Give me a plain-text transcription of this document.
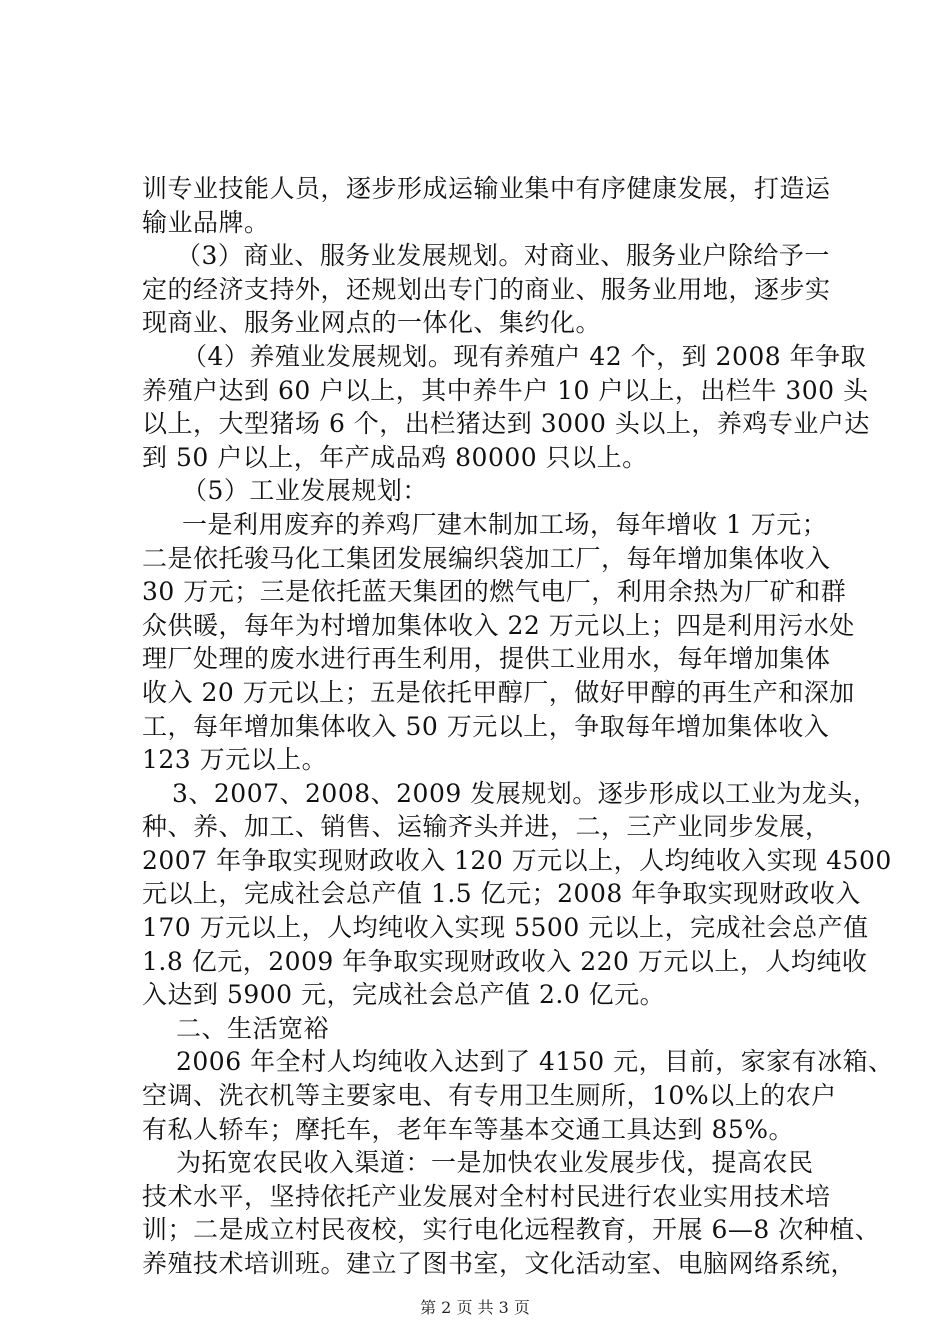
训专业技能人员，逐步形成运输业集中有序健康发展，打造运
输业品牌。
（3）商业、服务业发展规划。对商业、服务业户除给予一
定的经济支持外，还规划出专门的商业、服务业用地，逐步实
现商业、服务业网点的一体化、集约化。
（4）养殖业发展规划。现有养殖户 42 个，到 2008 年争取
养殖户达到 60 户以上，其中养牛户 10 户以上，出栏牛 300 头
以上，大型猪场 6 个，出栏猪达到 3000 头以上，养鸡专业户达
到 50 户以上，年产成品鸡 80000 只以上。
（5）工业发展规划：
一是利用废弃的养鸡厂建木制加工场，每年增收 1 万元；
二是依托骏马化工集团发展编织袋加工厂，每年增加集体收入
30 万元；三是依托蓝天集团的燃气电厂，利用余热为厂矿和群
众供暖，每年为村增加集体收入 22 万元以上；四是利用污水处
理厂处理的废水进行再生利用，提供工业用水，每年增加集体
收入 20 万元以上；五是依托甲醇厂，做好甲醇的再生产和深加
工，每年增加集体收入 50 万元以上，争取每年增加集体收入
123 万元以上。
3、2007、2008、2009 发展规划。逐步形成以工业为龙头，
种、养、加工、销售、运输齐头并进，二，三产业同步发展，
2007 年争取实现财政收入 120 万元以上，人均纯收入实现 4500
元以上，完成社会总产值 1.5 亿元；2008 年争取实现财政收入
170 万元以上，人均纯收入实现 5500 元以上，完成社会总产值
1.8 亿元，2009 年争取实现财政收入 220 万元以上，人均纯收
入达到 5900 元，完成社会总产值 2.0 亿元。
二、生活宽裕
2006 年全村人均纯收入达到了 4150 元，目前，家家有冰箱、
空调、洗衣机等主要家电、有专用卫生厕所，10%以上的农户
有私人轿车；摩托车，老年车等基本交通工具达到 85%。
为拓宽农民收入渠道：一是加快农业发展步伐，提高农民
技术水平，坚持依托产业发展对全村村民进行农业实用技术培
训；二是成立村民夜校，实行电化远程教育，开展 6—8 次种植、
养殖技术培训班。建立了图书室，文化活动室、电脑网络系统，
第 2 页 共 3 页
